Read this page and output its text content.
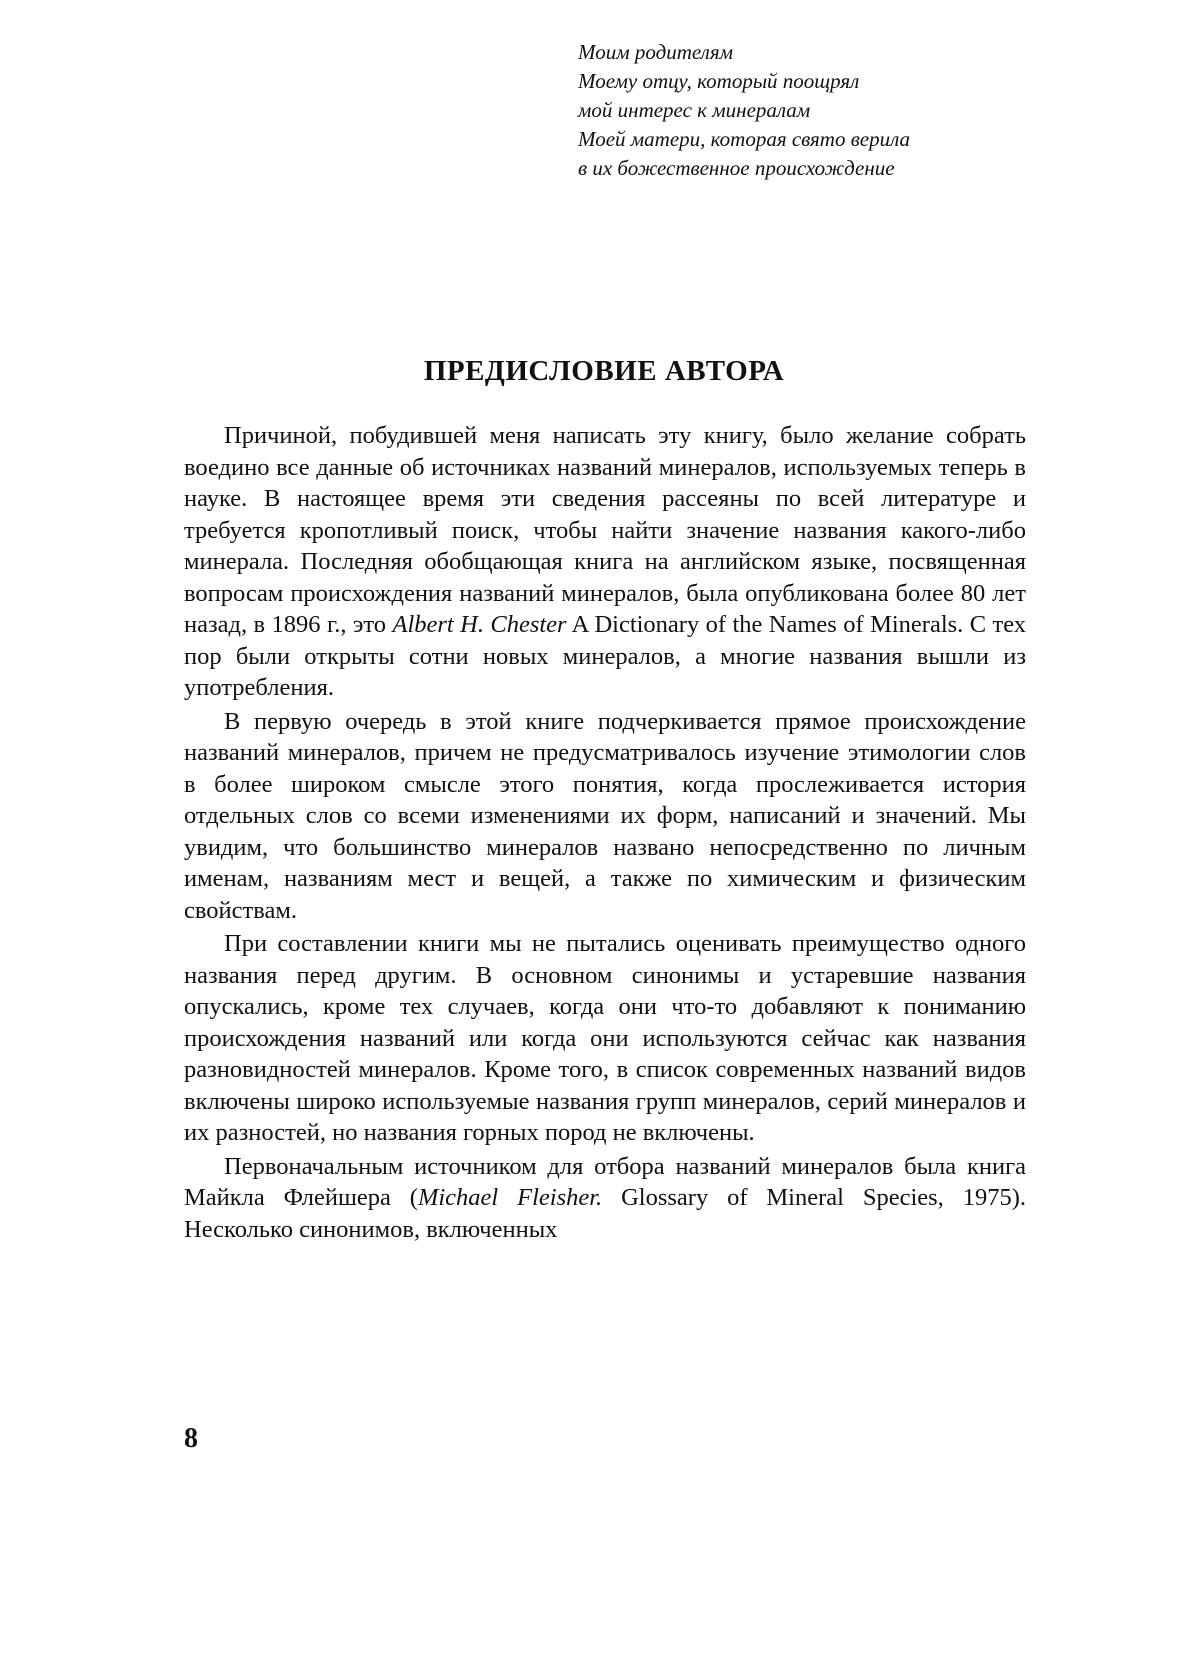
Моим родителям
Моему отцу, который поощрял
мой интерес к минералам
Моей матери, которая свято верила
в их божественное происхождение
ПРЕДИСЛОВИЕ АВТОРА

Причиной, побудившей меня написать эту книгу, было желание собрать воедино все данные об источниках названий минералов, используемых теперь в науке. В настоящее время эти сведения рассеяны по всей литературе и требуется кропотливый поиск, чтобы найти значение названия какого-либо минерала. Последняя обобщающая книга на английском языке, посвященная вопросам происхождения названий минералов, была опубликована более 80 лет назад, в 1896 г., это Albert H. Chester A Dictionary of the Names of Minerals. С тех пор были открыты сотни новых минералов, а многие названия вышли из употребления.

В первую очередь в этой книге подчеркивается прямое происхождение названий минералов, причем не предусматривалось изучение этимологии слов в более широком смысле этого понятия, когда прослеживается история отдельных слов со всеми изменениями их форм, написаний и значений. Мы увидим, что большинство минералов названо непосредственно по личным именам, названиям мест и вещей, а также по химическим и физическим свойствам.

При составлении книги мы не пытались оценивать преимущество одного названия перед другим. В основном синонимы и устаревшие названия опускались, кроме тех случаев, когда они что-то добавляют к пониманию происхождения названий или когда они используются сейчас как названия разновидностей минералов. Кроме того, в список современных названий видов включены широко используемые названия групп минералов, серий минералов и их разностей, но названия горных пород не включены.

Первоначальным источником для отбора названий минералов была книга Майкла Флейшера (Michael Fleisher. Glossary of Mineral Species, 1975). Несколько синонимов, включенных

8
